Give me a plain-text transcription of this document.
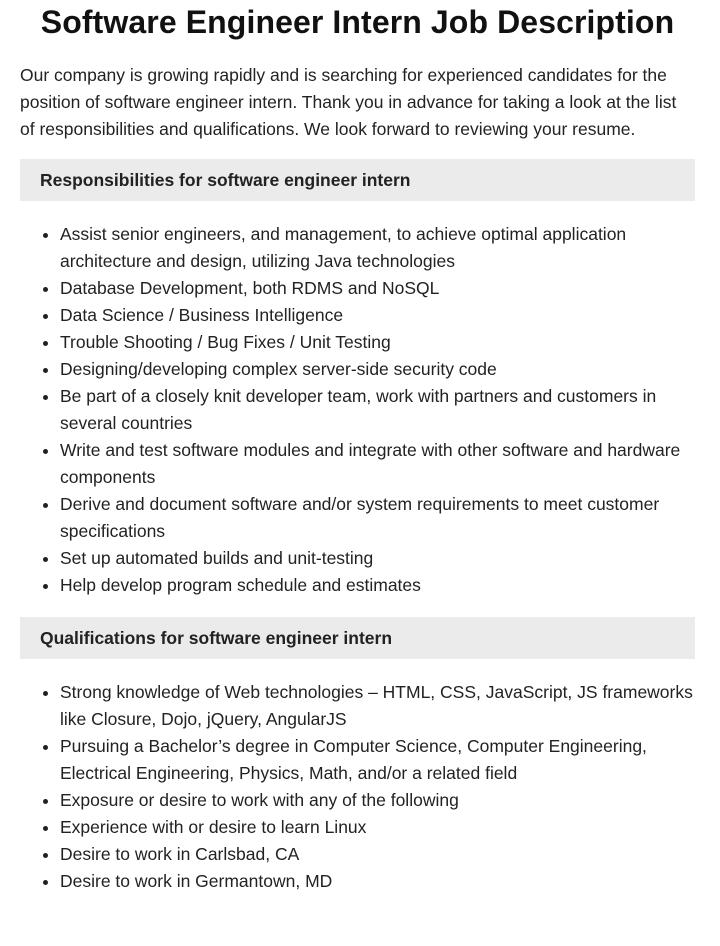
Software Engineer Intern Job Description

Our company is growing rapidly and is searching for experienced candidates for the position of software engineer intern. Thank you in advance for taking a look at the list of responsibilities and qualifications. We look forward to reviewing your resume.

Responsibilities for software engineer intern
• Assist senior engineers, and management, to achieve optimal application architecture and design, utilizing Java technologies
• Database Development, both RDMS and NoSQL
• Data Science / Business Intelligence
• Trouble Shooting / Bug Fixes / Unit Testing
• Designing/developing complex server-side security code
• Be part of a closely knit developer team, work with partners and customers in several countries
• Write and test software modules and integrate with other software and hardware components
• Derive and document software and/or system requirements to meet customer specifications
• Set up automated builds and unit-testing
• Help develop program schedule and estimates
Qualifications for software engineer intern
• Strong knowledge of Web technologies – HTML, CSS, JavaScript, JS frameworks like Closure, Dojo, jQuery, AngularJS
• Pursuing a Bachelor’s degree in Computer Science, Computer Engineering, Electrical Engineering, Physics, Math, and/or a related field
• Exposure or desire to work with any of the following
• Experience with or desire to learn Linux
• Desire to work in Carlsbad, CA
• Desire to work in Germantown, MD
